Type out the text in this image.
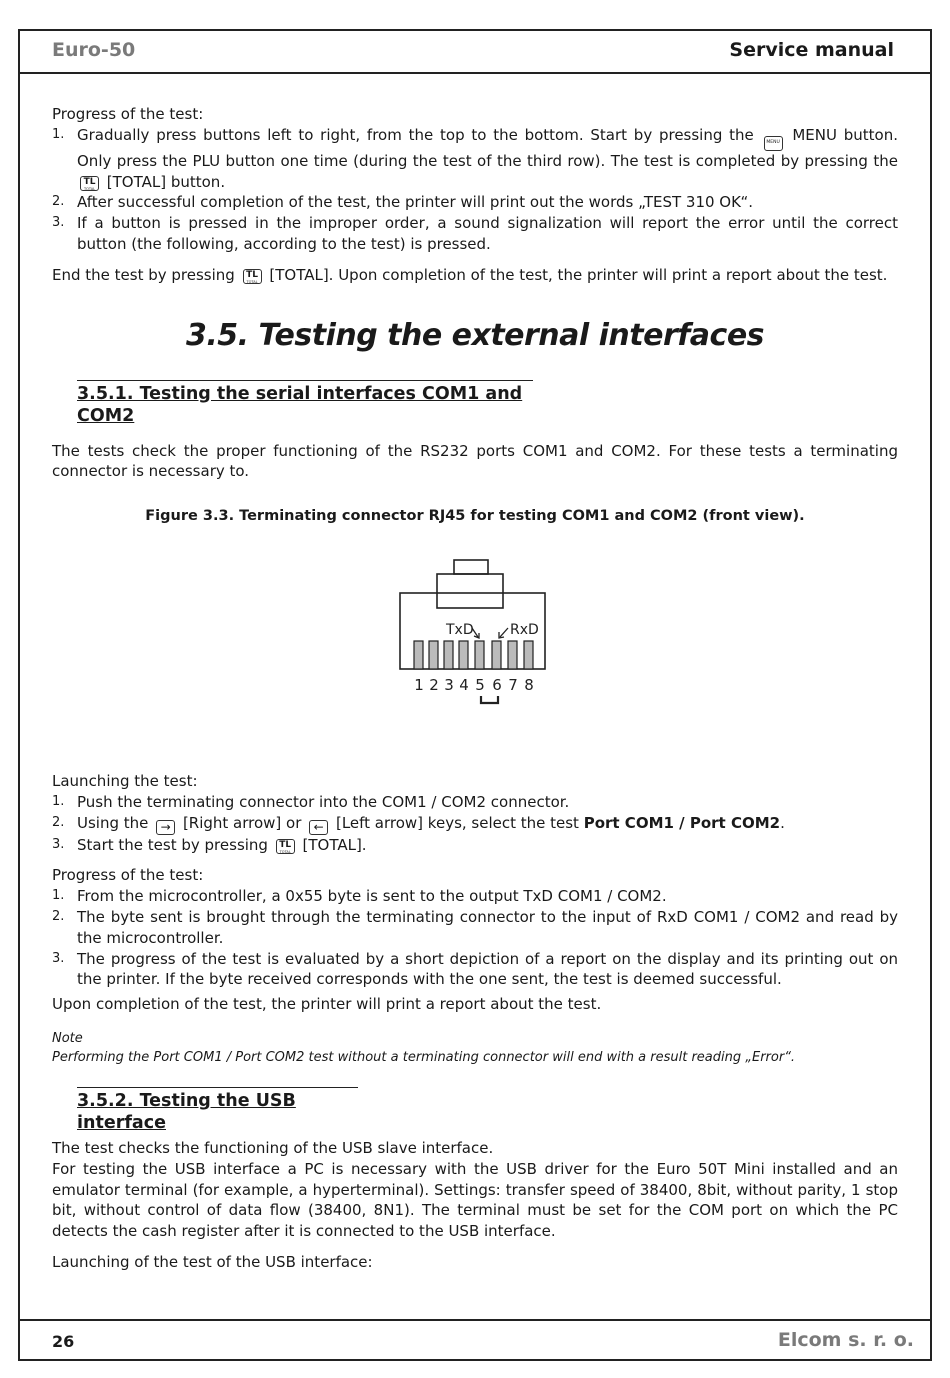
Euro-50	Service manual

Progress of the test:

1. Gradually press buttons left to right, from the top to the bottom. Start by pressing the	MENU MENU button. Only press the PLU button one time (during the test of the third row). The test is completed by pressing the
TL
TOTAL [TOTAL] button.
2. After successful completion of the test, the printer will print out the words „TEST 310 OK“.
3. If a button is pressed in the improper order, a sound signalization will report the error until the correct button (the following, according to the test) is pressed.

End the test by pressing TL
TOTAL [TOTAL]. Upon completion of the test, the printer will print a report about the test.

3.5. Testing the external interfaces
3.5.1. Testing the serial interfaces COM1 and COM2

The tests check the proper functioning of the RS232 ports COM1 and COM2. For these tests a terminating connector is necessary to.

Figure 3.3. Terminating connector RJ45 for testing COM1 and COM2 (front view).
TxD	RxD
1 2 3 4 5 6 7 8

Launching the test:

1. Push the terminating connector into the COM1 / COM2 connector.
2. Using the → [Right arrow] or ← [Left arrow] keys, select the test Port COM1 / Port COM2.
3. Start the test by pressing TL
TOTAL [TOTAL].

Progress of the test:

1. From the microcontroller, a 0x55 byte is sent to the output TxD COM1 / COM2.
2. The byte sent is brought through the terminating connector to the input of RxD COM1 / COM2 and read by the microcontroller.
3. The progress of the test is evaluated by a short depiction of a report on the display and its printing out on the printer. If the byte received corresponds with the one sent, the test is deemed successful.

Upon completion of the test, the printer will print a report about the test.

Note
Performing the Port COM1 / Port COM2 test without a terminating connector will end with a result reading „Error“.
3.5.2. Testing the USB interface

The test checks the functioning of the USB slave interface.

For testing the USB interface a PC is necessary with the USB driver for the Euro 50T Mini installed and an emulator terminal (for example, a hyperterminal). Settings: transfer speed of 38400, 8bit, without parity, 1 stop bit, without control of data flow (38400, 8N1). The terminal must be set for the COM port on which the PC detects the cash register after it is connected to the USB interface.

Launching of the test of the USB interface:

26	Elcom s. r. o.
